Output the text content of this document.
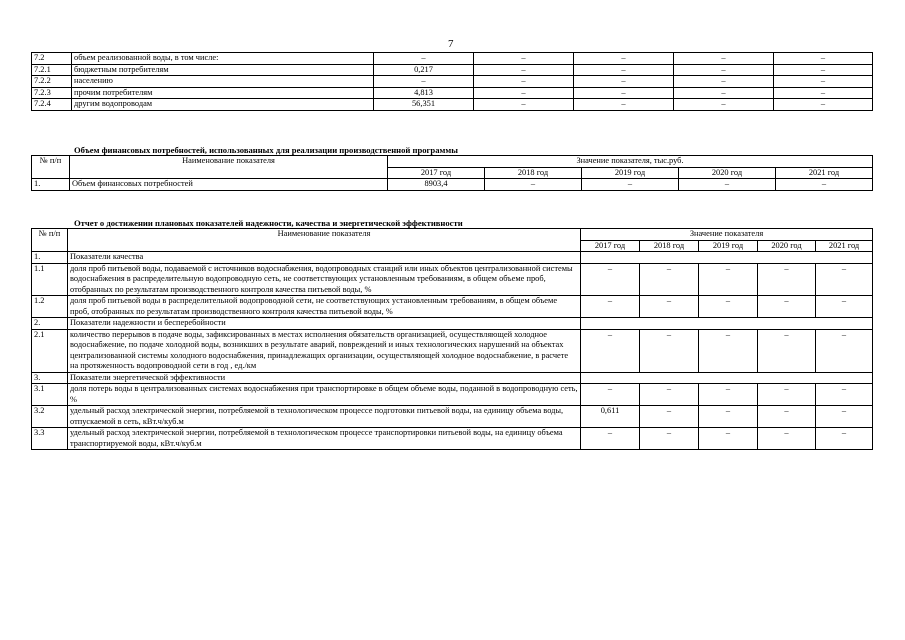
7
7.2	объем реализованной воды, в том числе:	–	–	–	–	–
7.2.1	бюджетным потребителям	0,217	–	–	–	–
7.2.2	населению	–	–	–	–	–
7.2.3	прочим потребителям	4,813	–	–	–	–
7.2.4	другим водопроводам	56,351	–	–	–	–
Объем финансовых потребностей, использованных для реализации производственной программы
№ п/п	Наименование показателя	Значение показателя, тыс.руб.				
		2017 год	2018 год	2019 год	2020 год	2021 год
1.	Объем финансовых потребностей	8903,4	–	–	–	–
Отчет о достижении плановых показателей надежности, качества и энергетической эффективности
№ п/п	Наименование показателя	Значение показателя				
		2017 год	2018 год	2019 год	2020 год	2021 год
1.	Показатели качества					
1.1	доля проб питьевой воды, подаваемой с источников водоснабжения, водопроводных станций или иных объектов централизованной системы водоснабжения в распределительную водопроводную сеть, не соответствующих установленным требованиям, в общем объеме проб, отобранных по результатам производственного контроля качества питьевой воды, %	–	–	–	–	–
1.2	доля проб питьевой воды в распределительной водопроводной сети, не соответствующих установленным требованиям, в общем объеме проб, отобранных по результатам производственного контроля качества питьевой воды, %	–	–	–	–	–
2.	Показатели надежности и бесперебойности					
2.1	количество перерывов в подаче воды, зафиксированных в местах исполнения обязательств организацией, осуществляющей холодное водоснабжение, по подаче холодной воды, возникших в результате аварий, повреждений и иных технологических нарушений на объектах централизованной системы холодного водоснабжения, принадлежащих организации, осуществляющей холодное водоснабжение, в расчете на протяженность водопроводной сети в год , ед./км	–	–	–	–	–
3.	Показатели энергетической эффективности					
3.1	доля потерь воды в централизованных системах водоснабжения при транспортировке в общем объеме воды, поданной в водопроводную сеть, %	–	–	–	–	–
3.2	удельный расход электрической энергии, потребляемой в технологическом процессе подготовки питьевой воды, на единицу объема воды, отпускаемой в сеть, кВт.ч/куб.м	0,611	–	–	–	–
3.3	удельный расход электрической энергии, потребляемой в технологическом процессе транспортировки питьевой воды, на единицу объема транспортируемой воды, кВт.ч/куб.м	–	–	–	–	–
